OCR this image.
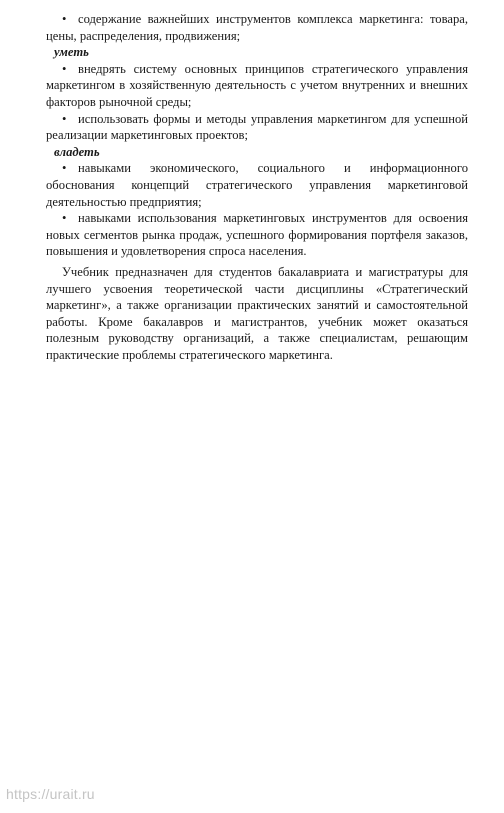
• содержание важнейших инструментов комплекса маркетинга: товара, цены, распределения, продвижения;

уметь

• внедрять систему основных принципов стратегического управления маркетингом в хозяйственную деятельность с учетом внутренних и внешних факторов рыночной среды;

• использовать формы и методы управления маркетингом для успешной реализации маркетинговых проектов;

владеть

• навыками экономического, социального и информационного обоснования концепций стратегического управления маркетинговой деятельностью предприятия;

• навыками использования маркетинговых инструментов для освоения новых сегментов рынка продаж, успешного формирования портфеля заказов, повышения и удовлетворения спроса населения.

Учебник предназначен для студентов бакалавриата и магистратуры для лучшего усвоения теоретической части дисциплины «Стратегический маркетинг», а также организации практических занятий и самостоятельной работы. Кроме бакалавров и магистрантов, учебник может оказаться полезным руководству организаций, а также специалистам, решающим практические проблемы стратегического маркетинга.

https://urait.ru
